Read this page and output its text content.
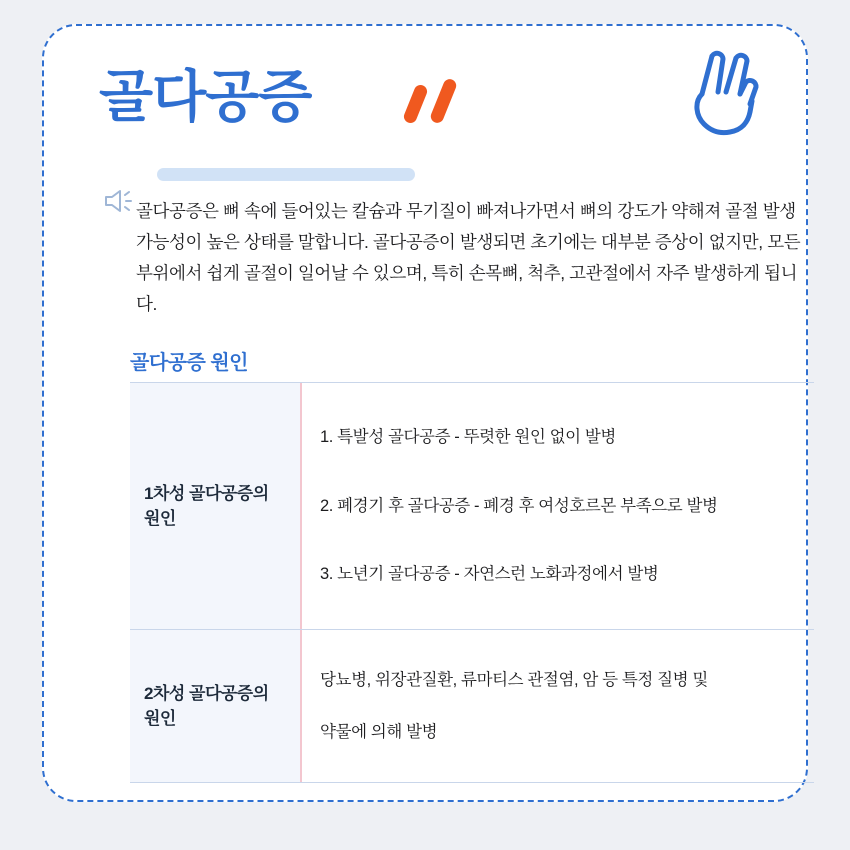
골다공증

골다공증은 뼈 속에 들어있는 칼슘과 무기질이 빠져나가면서 뼈의 강도가 약해져 골절 발생 가능성이 높은 상태를 말합니다. 골다공증이 발생되면 초기에는 대부분 증상이 없지만, 모든 부위에서 쉽게 골절이 일어날 수 있으며, 특히 손목뼈, 척추, 고관절에서 자주 발생하게 됩니다.

골다공증 원인
1차성 골다공증의 원인

1. 특발성 골다공증 - 뚜렷한 원인 없이 발병

2. 폐경기 후 골다공증 - 폐경 후 여성호르몬 부족으로 발병

3. 노년기 골다공증 - 자연스런 노화과정에서 발병

2차성 골다공증의 원인

당뇨병, 위장관질환, 류마티스 관절염, 암 등 특정 질병 및

약물에 의해 발병
